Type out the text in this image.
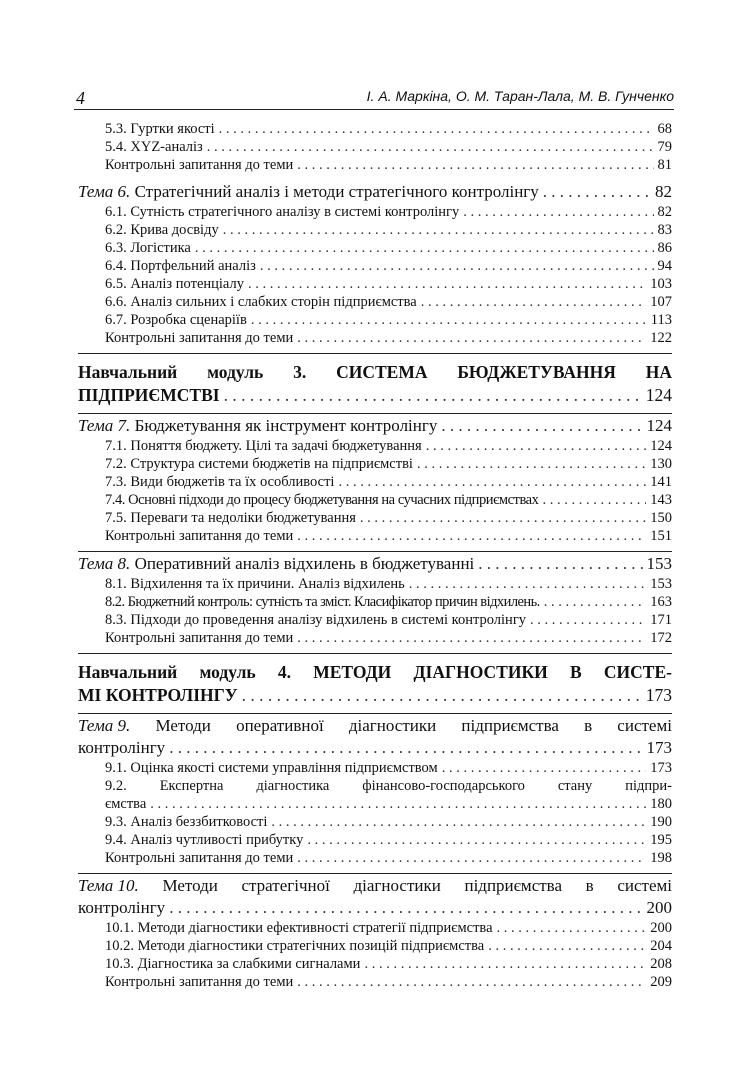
4	І. А. Маркіна, О. М. Таран-Лала, М. В. Гунченко
5.3. Гуртки якості . . .	68
5.4. XYZ-аналіз . . .	79
Контрольні запитання до теми . . .	81
Тема 6. Стратегічний аналіз і методи стратегічного контролінгу . . .	82
6.1. Сутність стратегічного аналізу в системі контролінгу . . .	82
6.2. Крива досвіду . . .	83
6.3. Логістика . . .	86
6.4. Портфельний аналіз . . .	94
6.5. Аналіз потенціалу . . .	103
6.6. Аналіз сильних і слабких сторін підприємства . . .	107
6.7. Розробка сценаріїв . . .	113
Контрольні запитання до теми . . .	122
Навчальний модуль 3. СИСТЕМА БЮДЖЕТУВАННЯ НА
ПІДПРИЄМСТВІ . . .	124
Тема 7. Бюджетування як інструмент контролінгу . . .	124
7.1. Поняття бюджету. Цілі та задачі бюджетування . . .	124
7.2. Структура системи бюджетів на підприємстві . . .	130
7.3. Види бюджетів та їх особливості . . .	141
7.4. Основні підходи до процесу бюджетування на сучасних підприємствах . . .	143
7.5. Переваги та недоліки бюджетування . . .	150
Контрольні запитання до теми . . .	151
Тема 8. Оперативний аналіз відхилень в бюджетуванні . . .	153
8.1. Відхилення та їх причини. Аналіз відхилень . . .	153
8.2. Бюджетний контроль: сутність та зміст. Класифікатор причин відхилень. . . .	163
8.3. Підходи до проведення аналізу відхилень в системі контролінгу . . .	171
Контрольні запитання до теми . . .	172
Навчальний модуль 4. МЕТОДИ ДІАГНОСТИКИ В СИСТЕ-
МІ КОНТРОЛІНГУ . . .	173
Тема 9. Методи оперативної діагностики підприємства в системі
контролінгу . . .	173
9.1. Оцінка якості системи управління підприємством . . .	173
9.2. Експертна діагностика фінансово-господарського стану підпри-
ємства . . .	180
9.3. Аналіз беззбитковості . . .	190
9.4. Аналіз чутливості прибутку . . .	195
Контрольні запитання до теми . . .	198
Тема 10. Методи стратегічної діагностики підприємства в системі
контролінгу . . .	200
10.1. Методи діагностики ефективності стратегії підприємства . . .	200
10.2. Методи діагностики стратегічних позицій підприємства . . .	204
10.3. Діагностика за слабкими сигналами . . .	208
Контрольні запитання до теми . . .	209
